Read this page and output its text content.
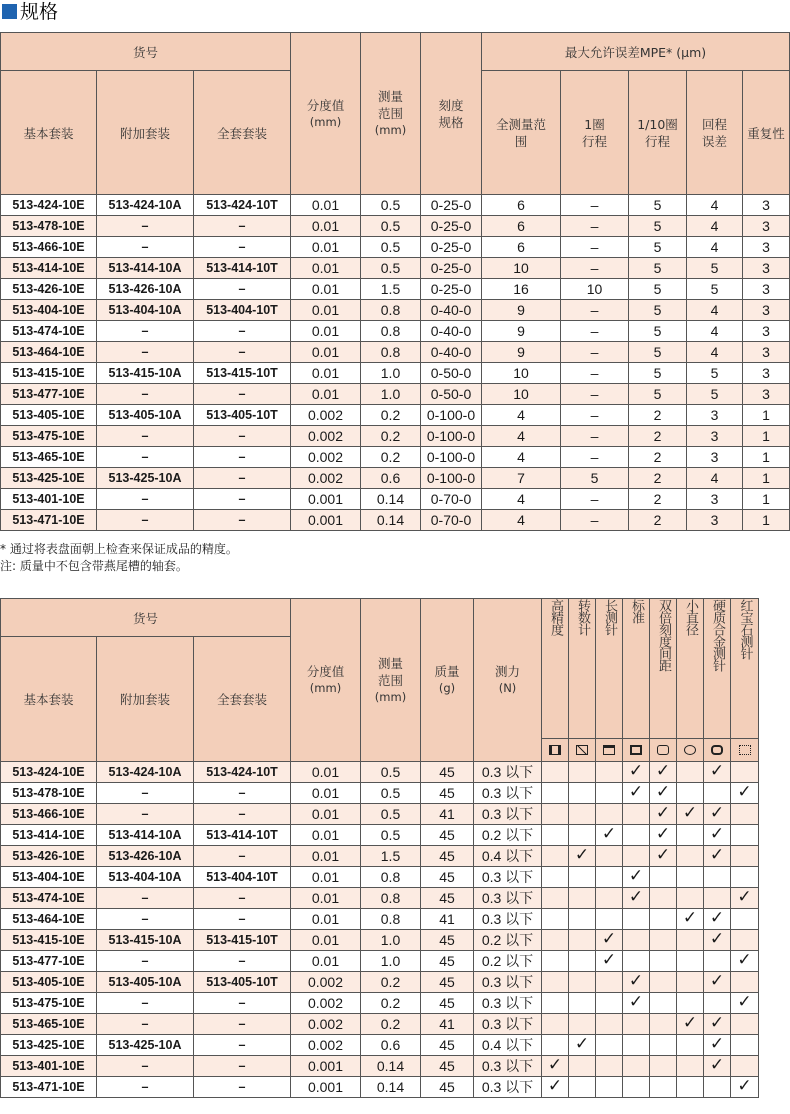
规格
货号			分度值
(mm)	测量范围
(mm)	刻度规格	最大允许误差MPE* (µm)				
基本套装	附加套装	全套套装				全测量范围	1圈行程	1/10圈行程	回程误差	重复性
513-424-10E	513-424-10A	513-424-10T	0.01	0.5	0-25-0	6	–	5	4	3
513-478-10E	–	–	0.01	0.5	0-25-0	6	–	5	4	3
513-466-10E	–	–	0.01	0.5	0-25-0	6	–	5	4	3
513-414-10E	513-414-10A	513-414-10T	0.01	0.5	0-25-0	10	–	5	5	3
513-426-10E	513-426-10A	–	0.01	1.5	0-25-0	16	10	5	5	3
513-404-10E	513-404-10A	513-404-10T	0.01	0.8	0-40-0	9	–	5	4	3
513-474-10E	–	–	0.01	0.8	0-40-0	9	–	5	4	3
513-464-10E	–	–	0.01	0.8	0-40-0	9	–	5	4	3
513-415-10E	513-415-10A	513-415-10T	0.01	1.0	0-50-0	10	–	5	5	3
513-477-10E	–	–	0.01	1.0	0-50-0	10	–	5	5	3
513-405-10E	513-405-10A	513-405-10T	0.002	0.2	0-100-0	4	–	2	3	1
513-475-10E	–	–	0.002	0.2	0-100-0	4	–	2	3	1
513-465-10E	–	–	0.002	0.2	0-100-0	4	–	2	3	1
513-425-10E	513-425-10A	–	0.002	0.6	0-100-0	7	5	2	4	1
513-401-10E	–	–	0.001	0.14	0-70-0	4	–	2	3	1
513-471-10E	–	–	0.001	0.14	0-70-0	4	–	2	3	1
* 通过将表盘面朝上检查来保证成品的精度。
注: 质量中不包含带燕尾槽的轴套。
货号			分度值
(mm)	测量范围
(mm)	质量
(g)	测力
(N)	高精度	转数计	长测针	标准	双倍刻度间距	小直径	硬质合金测针	红宝石测针

基本套装	附加套装	全套套装												

513-424-10E	513-424-10A	513-424-10T	0.01	0.5	45	0.3 以下				✓	✓		✓	
513-478-10E	–	–	0.01	0.5	45	0.3 以下				✓	✓			✓
513-466-10E	–	–	0.01	0.5	41	0.3 以下					✓	✓	✓	
513-414-10E	513-414-10A	513-414-10T	0.01	0.5	45	0.2 以下			✓		✓		✓	
513-426-10E	513-426-10A	–	0.01	1.5	45	0.4 以下		✓			✓		✓	
513-404-10E	513-404-10A	513-404-10T	0.01	0.8	45	0.3 以下				✓				
513-474-10E	–	–	0.01	0.8	45	0.3 以下				✓				✓
513-464-10E	–	–	0.01	0.8	41	0.3 以下						✓	✓	
513-415-10E	513-415-10A	513-415-10T	0.01	1.0	45	0.2 以下			✓				✓	
513-477-10E	–	–	0.01	1.0	45	0.2 以下			✓					✓
513-405-10E	513-405-10A	513-405-10T	0.002	0.2	45	0.3 以下				✓			✓	
513-475-10E	–	–	0.002	0.2	45	0.3 以下				✓				✓
513-465-10E	–	–	0.002	0.2	41	0.3 以下						✓	✓	
513-425-10E	513-425-10A	–	0.002	0.6	45	0.4 以下		✓					✓	
513-401-10E	–	–	0.001	0.14	45	0.3 以下	✓						✓	
513-471-10E	–	–	0.001	0.14	45	0.3 以下	✓							✓
